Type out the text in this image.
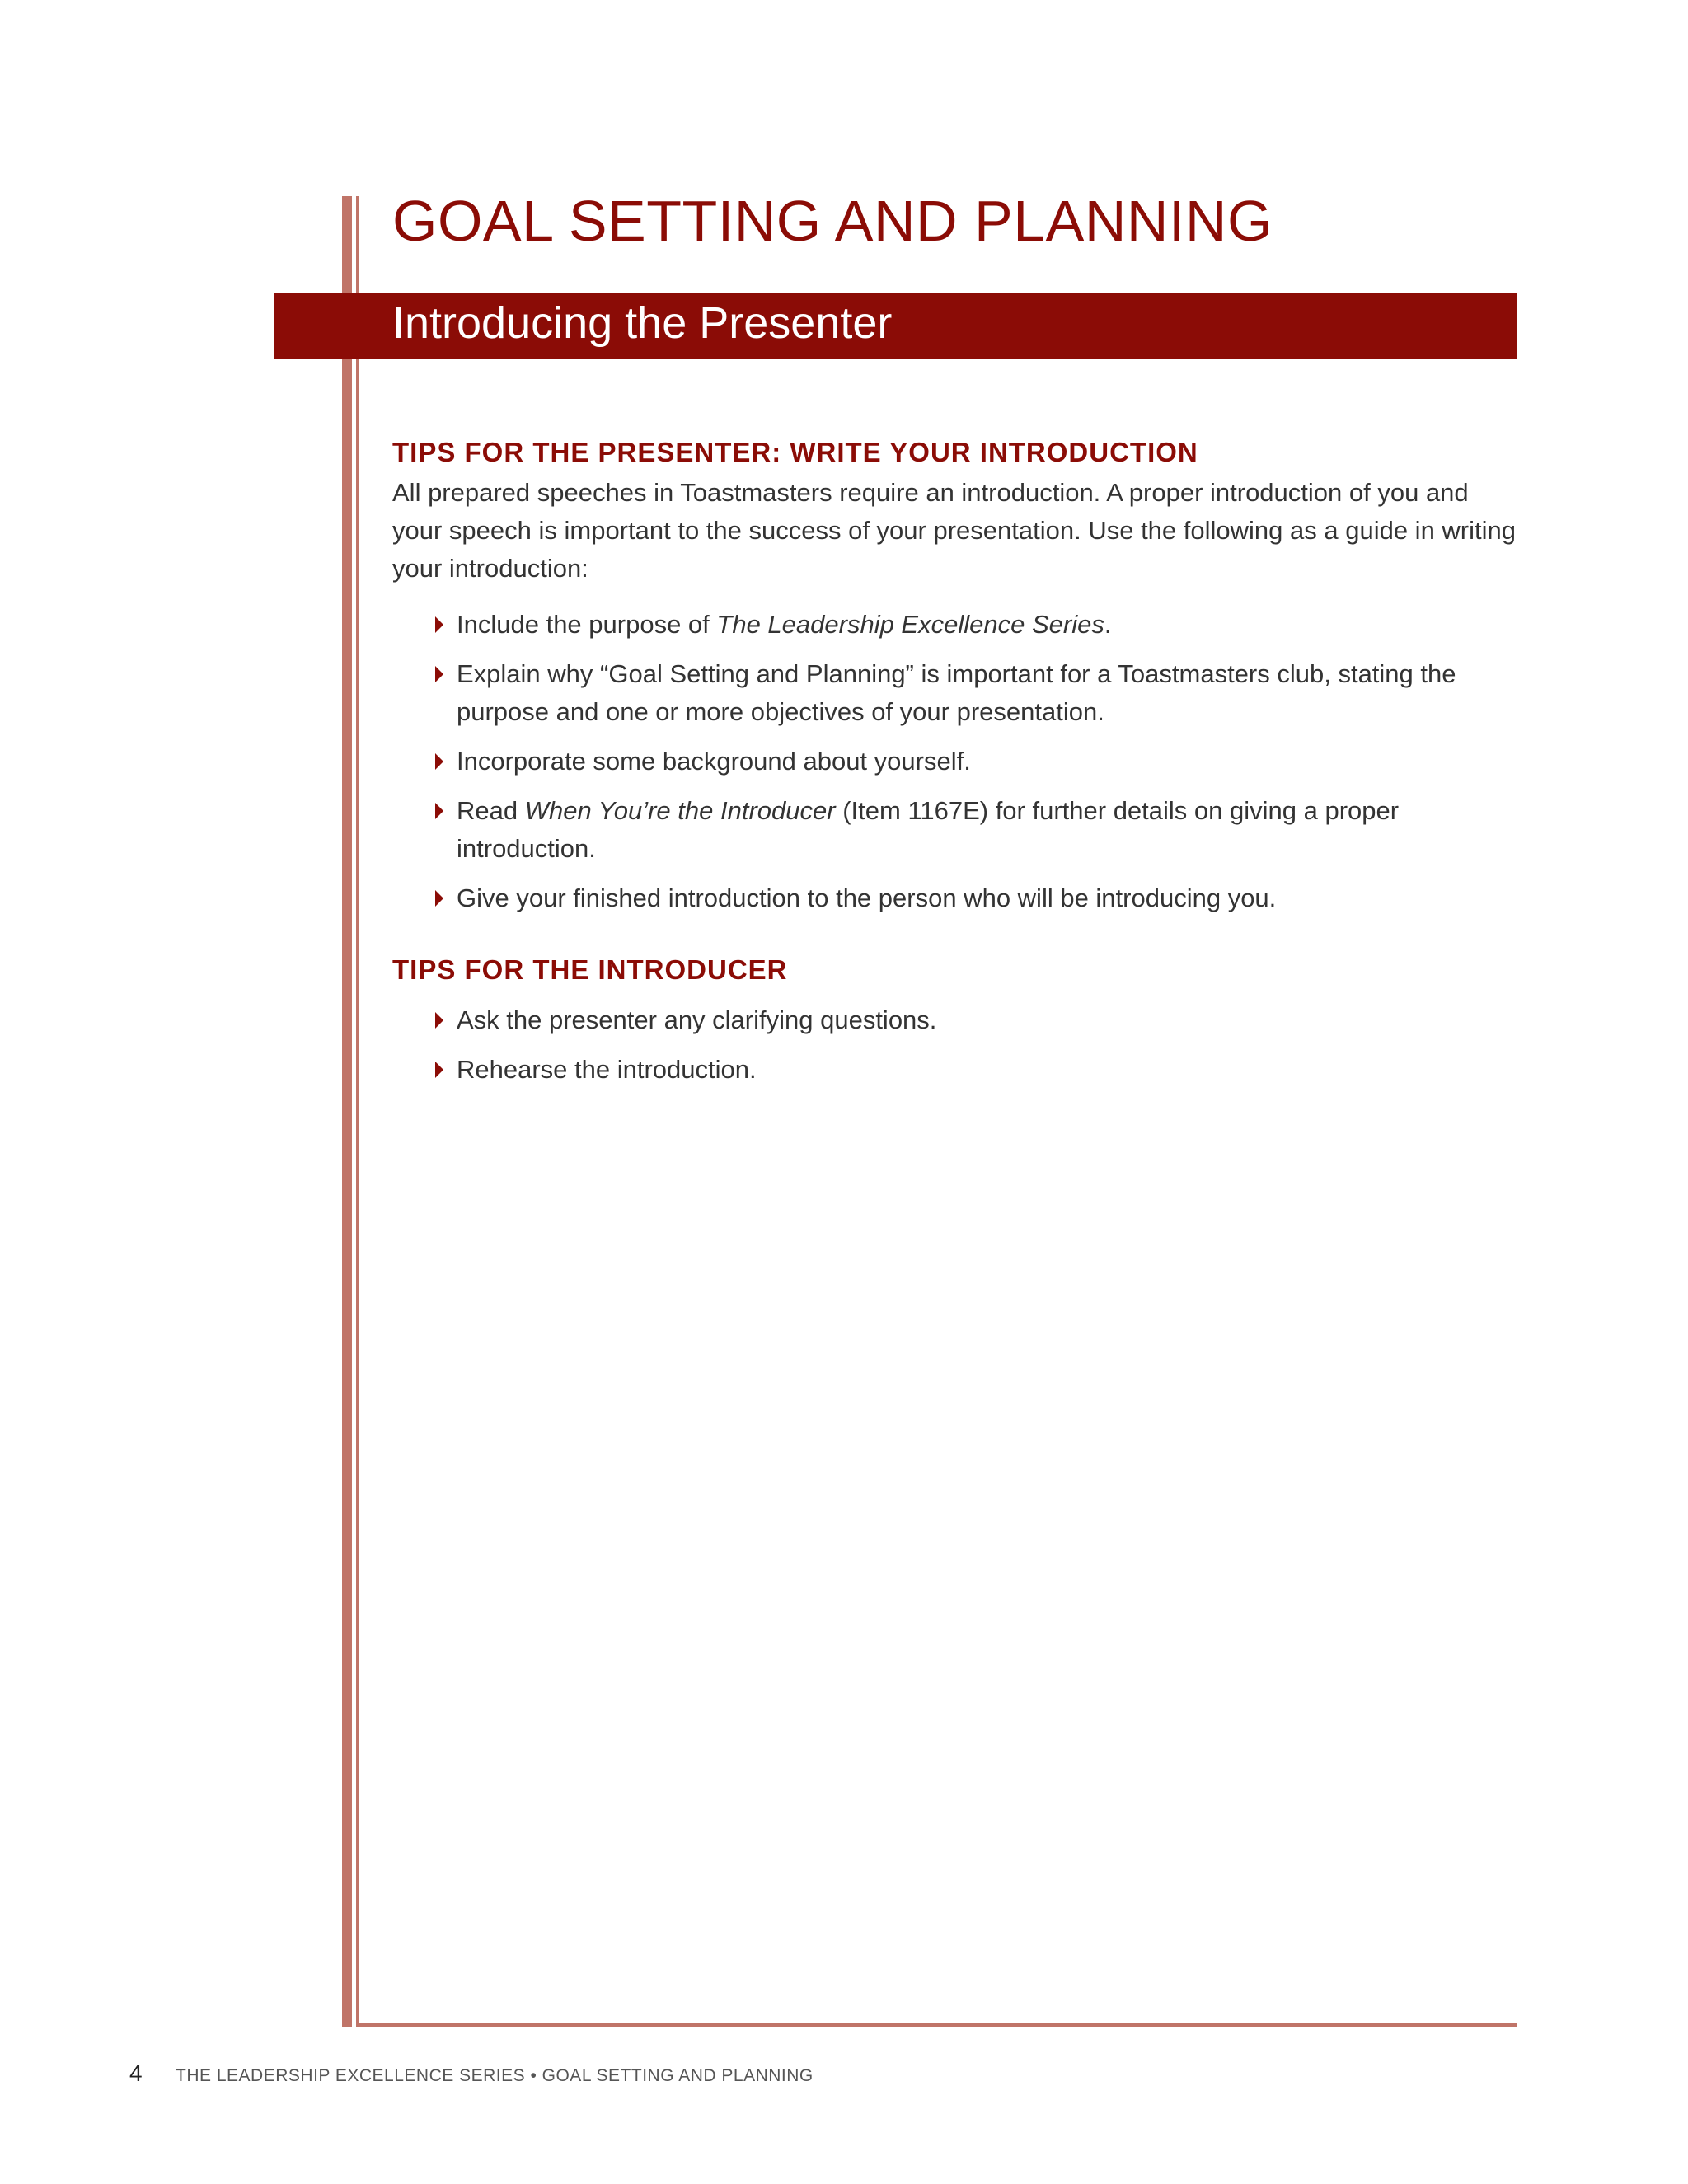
GOAL SETTING AND PLANNING
Introducing the Presenter
TIPS FOR THE PRESENTER: WRITE YOUR INTRODUCTION

All prepared speeches in Toastmasters require an introduction. A proper introduction of you and your speech is important to the success of your presentation. Use the following as a guide in writing your introduction:

Include the purpose of The Leadership Excellence Series.
Explain why “Goal Setting and Planning” is important for a Toastmasters club, stating the purpose and one or more objectives of your presentation.
Incorporate some background about yourself.
Read When You’re the Introducer (Item 1167E) for further details on giving a proper introduction.
Give your finished introduction to the person who will be introducing you.
TIPS FOR THE INTRODUCER
Ask the presenter any clarifying questions.
Rehearse the introduction.
4 THE LEADERSHIP EXCELLENCE SERIES • GOAL SETTING AND PLANNING
